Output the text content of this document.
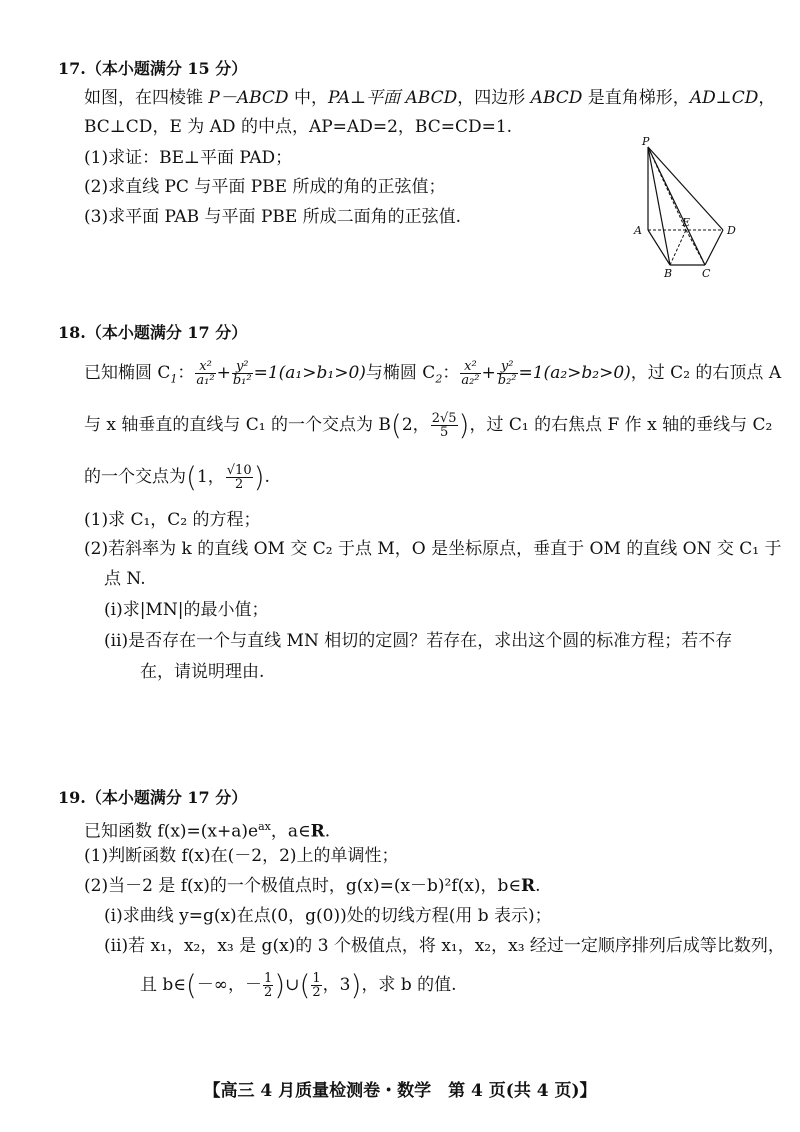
17.（本小题满分 15 分）
如图，在四棱锥 P－ABCD 中，PA⊥平面 ABCD，四边形 ABCD 是直角梯形，AD⊥CD，
BC⊥CD，E 为 AD 的中点，AP=AD=2，BC=CD=1.
(1)求证：BE⊥平面 PAD；
(2)求直线 PC 与平面 PBE 所成的角的正弦值；
(3)求平面 PAB 与平面 PBE 所成二面角的正弦值.
P
A
B	C
D
E
18.（本小题满分 17 分）
已知椭圆 $C_1$： $\frac{\text{x²}}{\text{a₁²}} + \frac{\text{y²}}{\text{b₁²}} =1(a_1>b_1>0)$与椭圆 $C_2$： $\frac{\text{x²}}{\text{a₂²}} + \frac{\text{y²}}{\text{b₂²}} =1(a_2>b_2>0)$，过 C₂ 的右顶点 A
与 x 轴垂直的直线与 C₁ 的一个交点为 B(2， $\frac{2√5}{5}$ )，过 C₁ 的右焦点 F 作 x 轴的垂线与 C₂
的一个交点为(1， $\frac{√10}{2}$ ).
(1)求 C₁，C₂ 的方程；
(2)若斜率为 k 的直线 OM 交 C₂ 于点 M，O 是坐标原点，垂直于 OM 的直线 ON 交 C₁ 于
点 N.
(ⅰ)求|MN|的最小值；
(ⅱ)是否存在一个与直线 MN 相切的定圆？若存在，求出这个圆的标准方程；若不存
在，请说明理由.
19.（本小题满分 17 分）
已知函数 $f(x)=(x+a)e^{ax}$，a∈R.
(1)判断函数 f(x)在(－2，2)上的单调性；
(2)当－2 是 f(x)的一个极值点时，g(x)=(x－b)²f(x)，b∈R.
(ⅰ)求曲线 y=g(x)在点(0，g(0))处的切线方程(用 b 表示)；
(ⅱ)若 x₁，x₂，x₃ 是 g(x)的 3 个极值点，将 x₁，x₂，x₃ 经过一定顺序排列后成等比数列，
且 b∈(－∞，－ $\frac{1}{2}$ )∪( $\frac{1}{2}$ ，3)，求 b 的值.
【高三 4 月质量检测卷・数学　第 4 页(共 4 页)】
